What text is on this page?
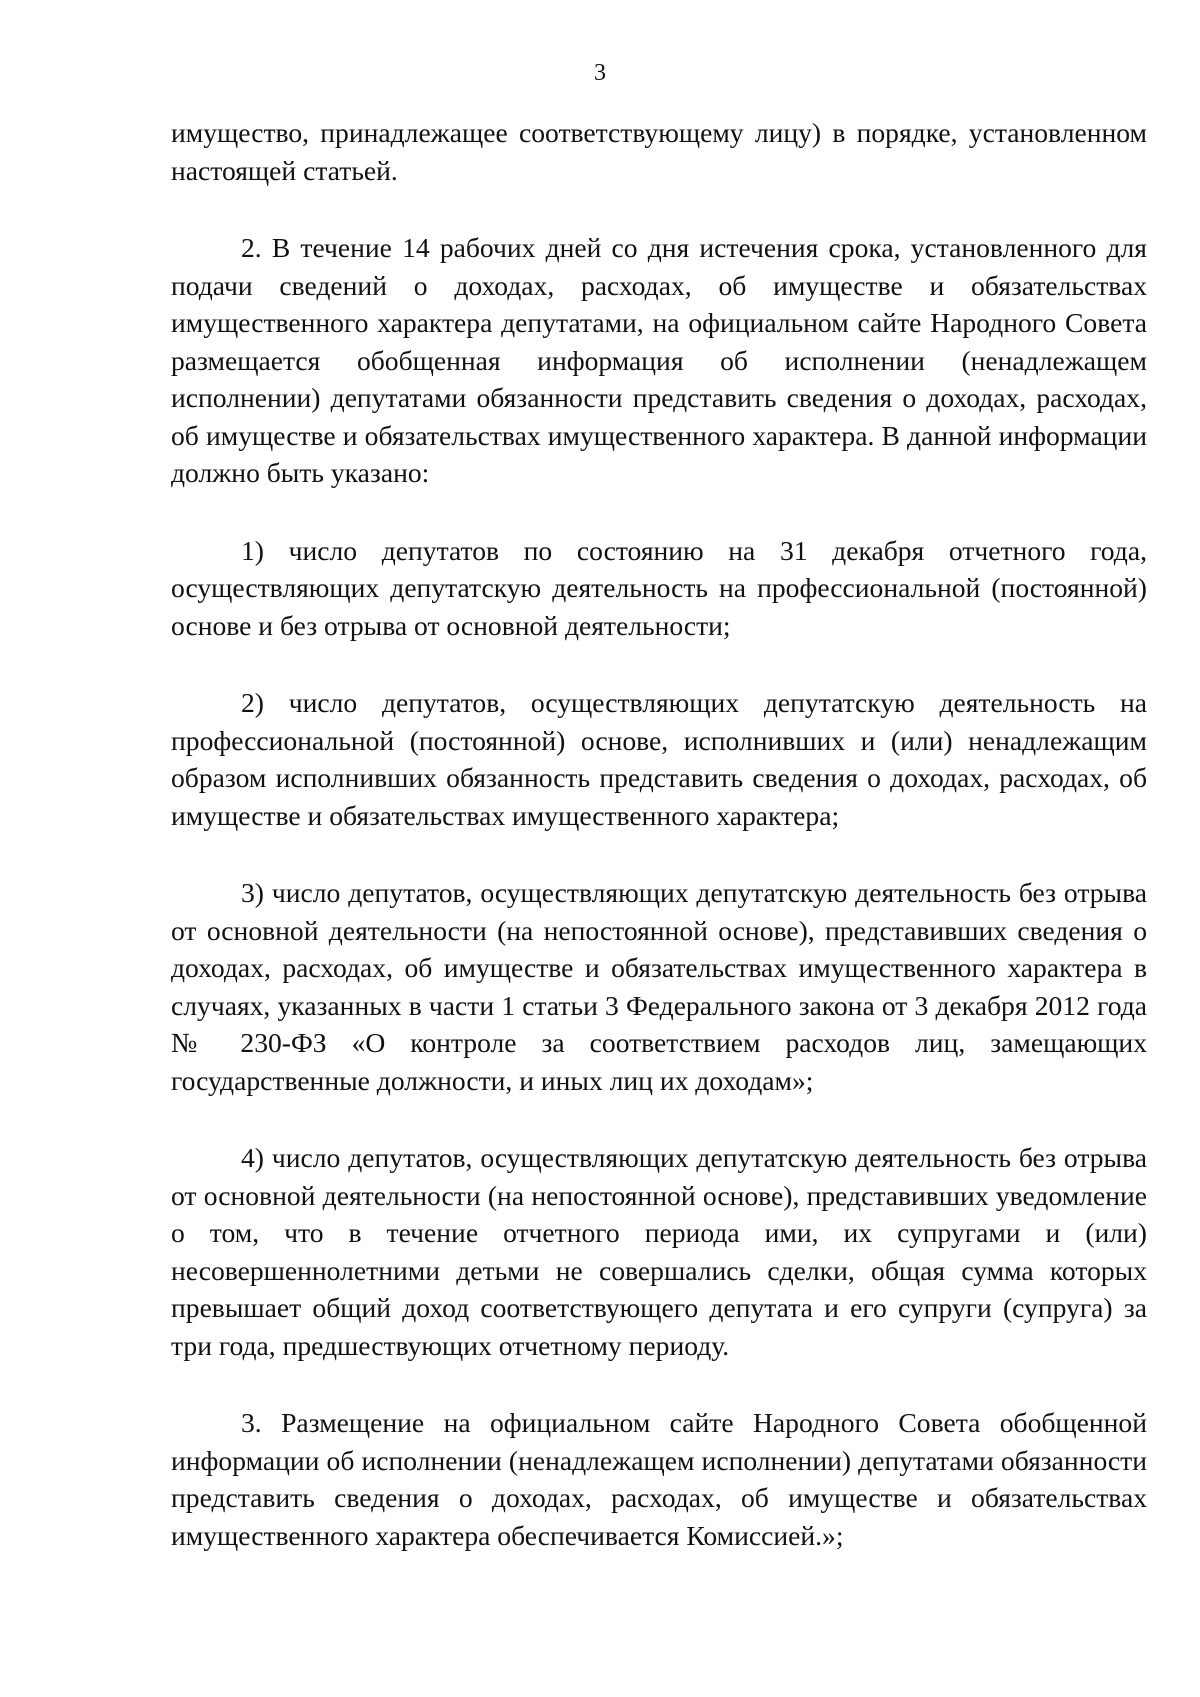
3

имущество, принадлежащее соответствующему лицу) в порядке, установленном настоящей статьей.

2. В течение 14 рабочих дней со дня истечения срока, установленного для подачи сведений о доходах, расходах, об имуществе и обязательствах имущественного характера депутатами, на официальном сайте Народного Совета размещается обобщенная информация об исполнении (ненадлежащем исполнении) депутатами обязанности представить сведения о доходах, расходах, об имуществе и обязательствах имущественного характера. В данной информации должно быть указано:

1) число депутатов по состоянию на 31 декабря отчетного года, осуществляющих депутатскую деятельность на профессиональной (постоянной) основе и без отрыва от основной деятельности;

2) число депутатов, осуществляющих депутатскую деятельность на профессиональной (постоянной) основе, исполнивших и (или) ненадлежащим образом исполнивших обязанность представить сведения о доходах, расходах, об имуществе и обязательствах имущественного характера;

3) число депутатов, осуществляющих депутатскую деятельность без отрыва от основной деятельности (на непостоянной основе), представивших сведения о доходах, расходах, об имуществе и обязательствах имущественного характера в случаях, указанных в части 1 статьи 3 Федерального закона от 3 декабря 2012 года № 230-ФЗ «О контроле за соответствием расходов лиц, замещающих государственные должности, и иных лиц их доходам»;

4) число депутатов, осуществляющих депутатскую деятельность без отрыва от основной деятельности (на непостоянной основе), представивших уведомление о том, что в течение отчетного периода ими, их супругами и (или) несовершеннолетними детьми не совершались сделки, общая сумма которых превышает общий доход соответствующего депутата и его супруги (супруга) за три года, предшествующих отчетному периоду.

3. Размещение на официальном сайте Народного Совета обобщенной информации об исполнении (ненадлежащем исполнении) депутатами обязанности представить сведения о доходах, расходах, об имуществе и обязательствах имущественного характера обеспечивается Комиссией.»;
